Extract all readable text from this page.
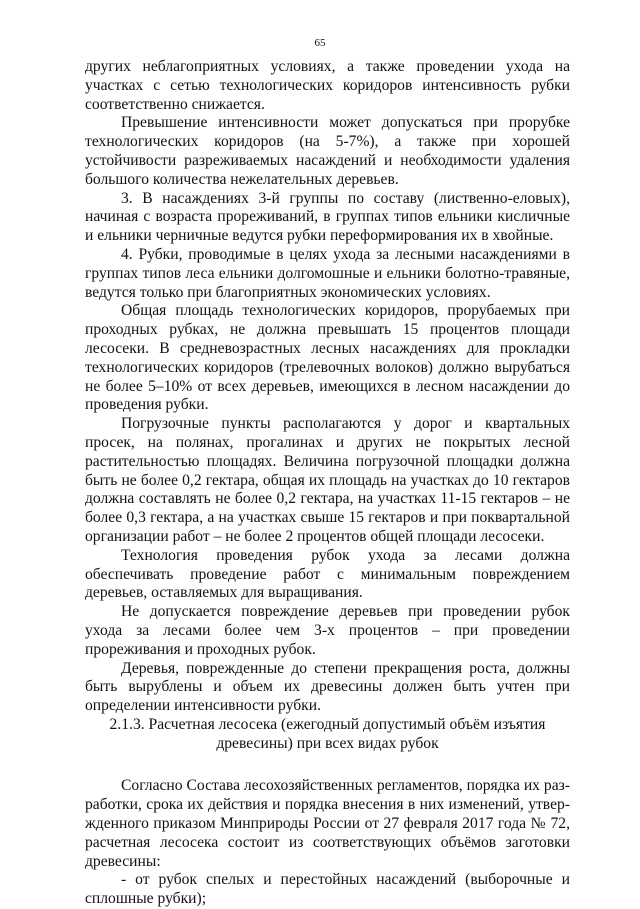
65

других неблагоприятных условиях, а также проведении ухода на участках с сетью технологических коридоров интенсивность рубки соответственно снижается.

Превышение интенсивности может допускаться при прорубке технологических коридоров (на 5-7%), а также при хорошей устойчивости разреживаемых насаждений и необходимости удаления большого количества нежелательных деревьев.

3. В насаждениях 3-й группы по составу (лиственно-еловых), начиная с возраста прореживаний, в группах типов ельники кисличные и ельники черничные ведутся рубки переформирования их в хвойные.

4. Рубки, проводимые в целях ухода за лесными насаждениями в группах типов леса ельники долгомошные и ельники болотно-травяные, ведутся только при благоприятных экономических условиях.

Общая площадь технологических коридоров, прорубаемых при проходных рубках, не должна превышать 15 процентов площади лесосеки. В средневозрастных лесных насаждениях для прокладки технологических коридоров (трелевочных волоков) должно вырубаться не более 5–10% от всех деревьев, имеющихся в лесном насаждении до проведения рубки.

Погрузочные пункты располагаются у дорог и квартальных просек, на полянах, прогалинах и других не покрытых лесной растительностью площадях. Величина погрузочной площадки должна быть не более 0,2 гектара, общая их площадь на участках до 10 гектаров должна составлять не более 0,2 гектара, на участках 11-15 гектаров – не более 0,3 гектара, а на участках свыше 15 гектаров и при поквартальной организации работ – не более 2 процентов общей площади лесосеки.

Технология проведения рубок ухода за лесами должна обеспечивать проведение работ с минимальным повреждением деревьев, оставляемых для выращивания.

Не допускается повреждение деревьев при проведении рубок ухода за лесами более чем 3-х процентов – при проведении прореживания и проходных рубок.

Деревья, поврежденные до степени прекращения роста, должны быть вырублены и объем их древесины должен быть учтен при определении интенсивности рубки.

2.1.3. Расчетная лесосека (ежегодный допустимый объём изъятия
древесины) при всех видах рубок

Согласно Состава лесохозяйственных регламентов, порядка их разработки, срока их действия и порядка внесения в них изменений, утвержденного приказом Минприроды России от 27 февраля 2017 года № 72, расчетная лесосека состоит из соответствующих объёмов заготовки древесины:

- от рубок спелых и перестойных насаждений (выборочные и сплошные рубки);
